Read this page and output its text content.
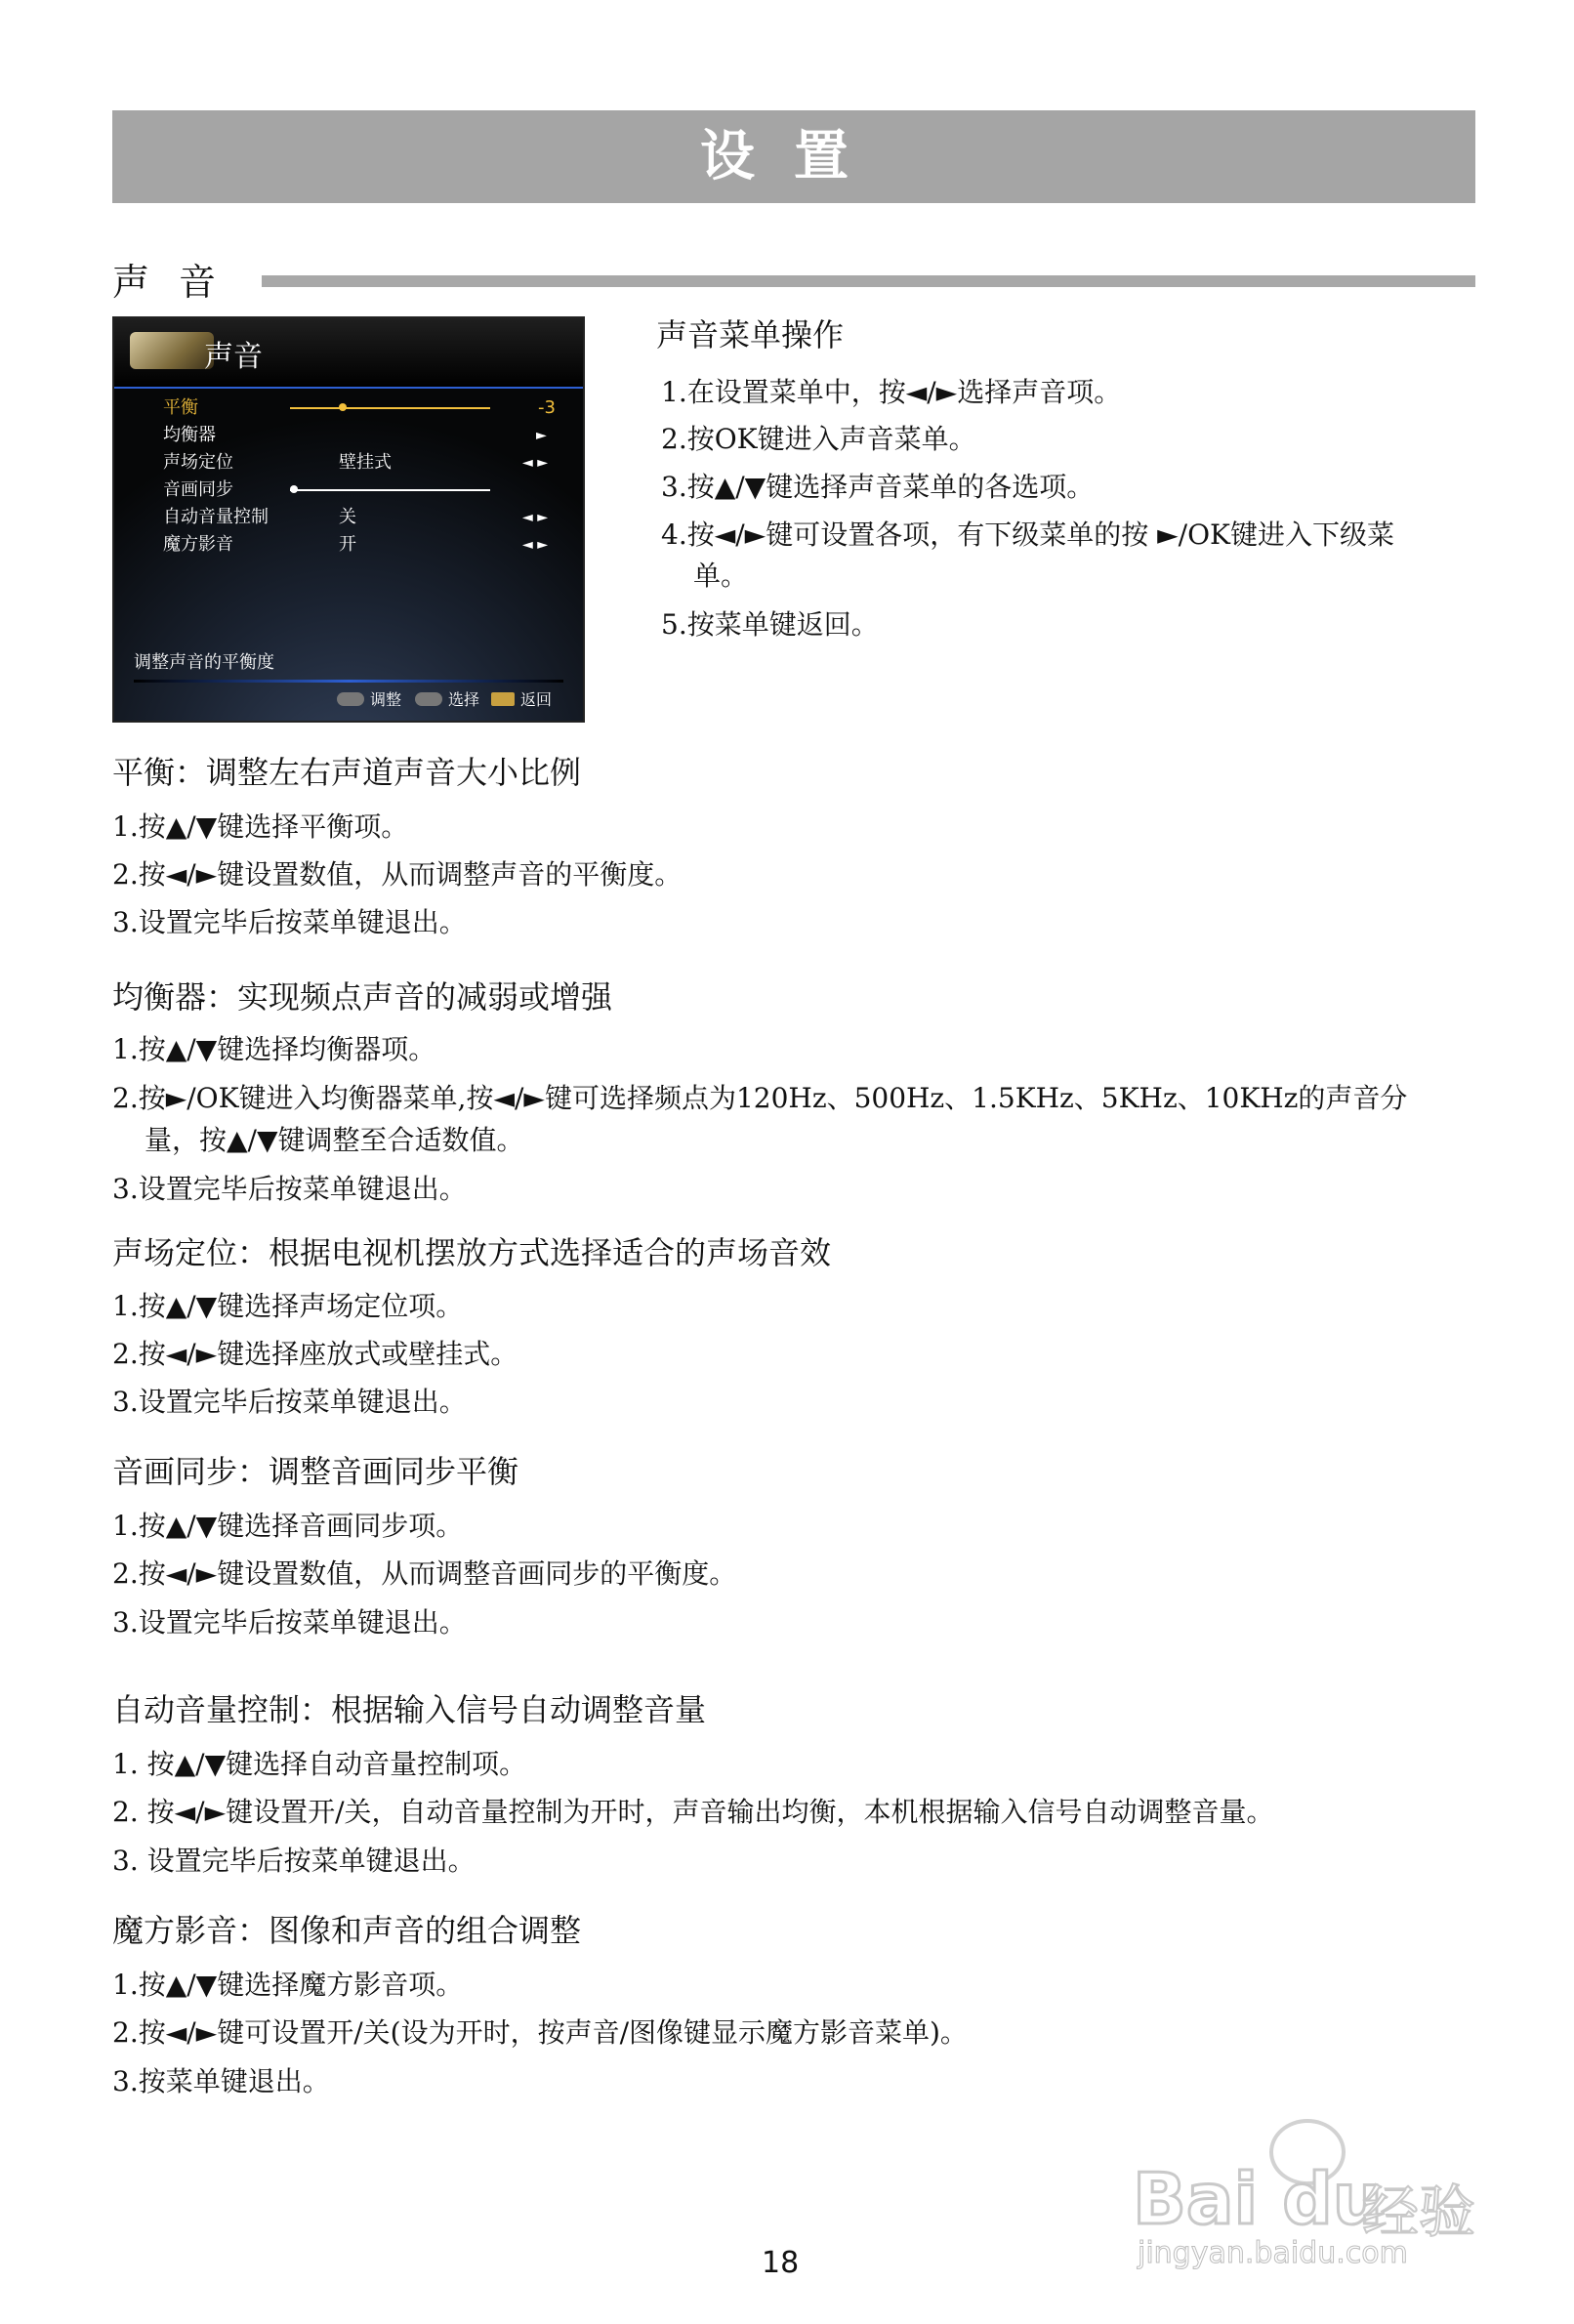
设置
声音
声音
平衡	-3
均衡器	►
声场定位	壁挂式	◄ ►
音画同步
自动音量控制	关	◄ ►
魔方影音	开	◄ ►
调整声音的平衡度
调整	选择	返回
声音菜单操作
1.在设置菜单中，按◄/►选择声音项。
2.按OK键进入声音菜单。
3.按▲/▼键选择声音菜单的各选项。
4.按◄/►键可设置各项，有下级菜单的按 ►/OK键进入下级菜
单。
5.按菜单键返回。
平衡：调整左右声道声音大小比例
1.按▲/▼键选择平衡项。
2.按◄/►键设置数值，从而调整声音的平衡度。
3.设置完毕后按菜单键退出。
均衡器：实现频点声音的减弱或增强
1.按▲/▼键选择均衡器项。
2.按►/OK键进入均衡器菜单,按◄/►键可选择频点为120Hz、500Hz、1.5KHz、5KHz、10KHz的声音分
量，按▲/▼键调整至合适数值。
3.设置完毕后按菜单键退出。
声场定位：根据电视机摆放方式选择适合的声场音效
1.按▲/▼键选择声场定位项。
2.按◄/►键选择座放式或壁挂式。
3.设置完毕后按菜单键退出。
音画同步：调整音画同步平衡
1.按▲/▼键选择音画同步项。
2.按◄/►键设置数值，从而调整音画同步的平衡度。
3.设置完毕后按菜单键退出。
自动音量控制：根据输入信号自动调整音量
1. 按▲/▼键选择自动音量控制项。
2. 按◄/►键设置开/关，自动音量控制为开时，声音输出均衡，本机根据输入信号自动调整音量。
3. 设置完毕后按菜单键退出。
魔方影音：图像和声音的组合调整
1.按▲/▼键选择魔方影音项。
2.按◄/►键可设置开/关(设为开时，按声音/图像键显示魔方影音菜单)。
3.按菜单键退出。
18
Bai du
经验
jingyan.baidu.com
